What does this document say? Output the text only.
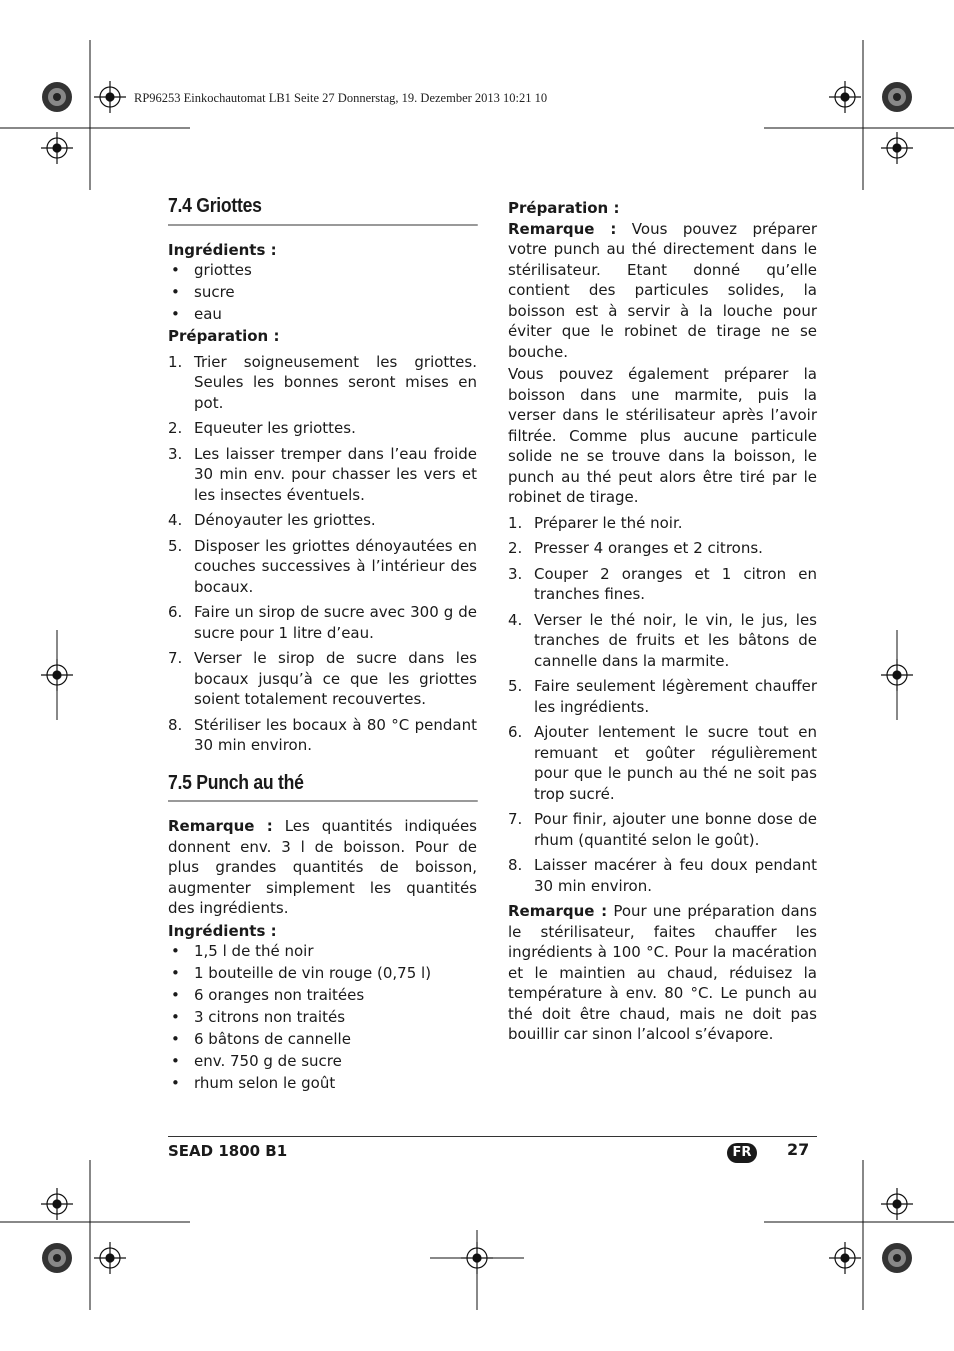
RP96253 Einkochautomat LB1 Seite 27 Donnerstag, 19. Dezember 2013 10:21 10
7.4 Griottes

Ingrédients :

• griottes
• sucre
• eau

Préparation :

1. Trier soigneusement les griottes. Seules les bonnes seront mises en pot.
2. Equeuter les griottes.
3. Les laisser tremper dans l’eau froide 30 min env. pour chasser les vers et les insectes éventuels.
4. Dénoyauter les griottes.
5. Disposer les griottes dénoyautées en couches successives à l’intérieur des bocaux.
6. Faire un sirop de sucre avec 300 g de sucre pour 1 litre d’eau.
7. Verser le sirop de sucre dans les bocaux jusqu’à ce que les griottes soient totalement recouvertes.
8. Stériliser les bocaux à 80 °C pendant 30 min environ.
7.5 Punch au thé

Remarque : Les quantités indiquées donnent env. 3 l de boisson. Pour de plus grandes quantités de boisson, augmenter simplement les quantités des ingrédients.

Ingrédients :

• 1,5 l de thé noir
• 1 bouteille de vin rouge (0,75 l)
• 6 oranges non traitées
• 3 citrons non traités
• 6 bâtons de cannelle
• env. 750 g de sucre
• rhum selon le goût

Préparation :

Remarque : Vous pouvez préparer votre punch au thé directement dans le stérilisateur. Etant donné qu’elle contient des particules solides, la boisson est à servir à la louche pour éviter que le robinet de tirage ne se bouche.

Vous pouvez également préparer la boisson dans une marmite, puis la verser dans le stérilisateur après l’avoir filtrée. Comme plus aucune particule solide ne se trouve dans la boisson, le punch au thé peut alors être tiré par le robinet de tirage.

1. Préparer le thé noir.
2. Presser 4 oranges et 2 citrons.
3. Couper 2 oranges et 1 citron en tranches fines.
4. Verser le thé noir, le vin, le jus, les tranches de fruits et les bâtons de cannelle dans la marmite.
5. Faire seulement légèrement chauffer les ingrédients.
6. Ajouter lentement le sucre tout en remuant et goûter régulièrement pour que le punch au thé ne soit pas trop sucré.
7. Pour finir, ajouter une bonne dose de rhum (quantité selon le goût).
8. Laisser macérer à feu doux pendant 30 min environ.

Remarque : Pour une préparation dans le stérilisateur, faites chauffer les ingrédients à 100 °C. Pour la macération et le maintien au chaud, réduisez la température à env. 80 °C. Le punch au thé doit être chaud, mais ne doit pas bouillir car sinon l’alcool s’évapore.

SEAD 1800 B1	FR	27
